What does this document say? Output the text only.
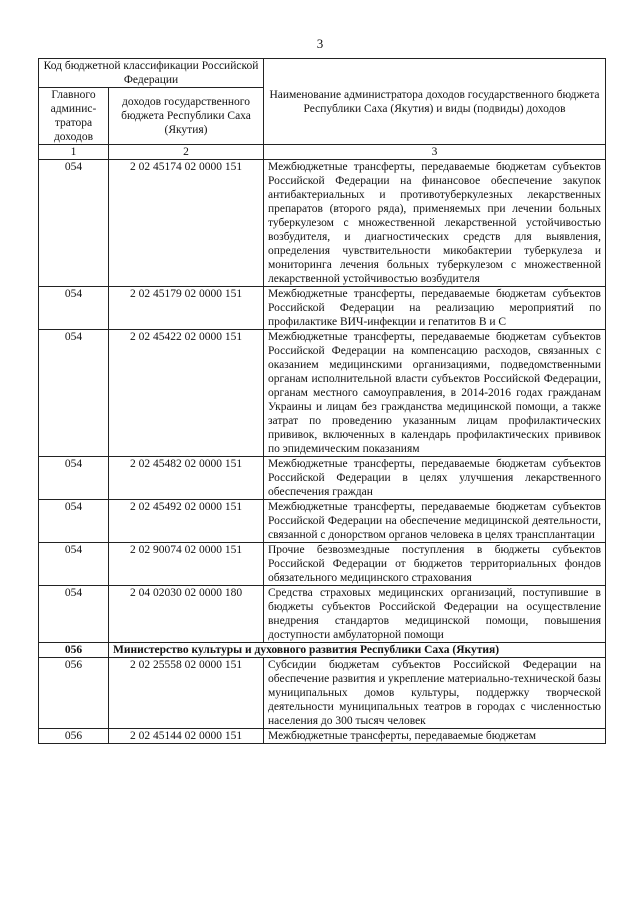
3
Код бюджетной классификации Российской Федерации		Наименование администратора доходов государственного бюджета Республики Саха (Якутия) и виды (подвиды) доходов
Главного админис-тратора доходов	доходов государственного бюджета Республики Саха (Якутия)	
1	2	3
054	2 02 45174 02 0000 151	Межбюджетные трансферты, передаваемые бюджетам субъектов Российской Федерации на финансовое обеспечение закупок антибактериальных и противотуберкулезных лекарственных препаратов (второго ряда), применяемых при лечении больных туберкулезом с множественной лекарственной устойчивостью возбудителя, и диагностических средств для выявления, определения чувствительности микобактерии туберкулеза и мониторинга лечения больных туберкулезом с множественной лекарственной устойчивостью возбудителя
054	2 02 45179 02 0000 151	Межбюджетные трансферты, передаваемые бюджетам субъектов Российской Федерации на реализацию мероприятий по профилактике ВИЧ-инфекции и гепатитов В и С
054	2 02 45422 02 0000 151	Межбюджетные трансферты, передаваемые бюджетам субъектов Российской Федерации на компенсацию расходов, связанных с оказанием медицинскими организациями, подведомственными органам исполнительной власти субъектов Российской Федерации, органам местного самоуправления, в 2014-2016 годах гражданам Украины и лицам без гражданства медицинской помощи, а также затрат по проведению указанным лицам профилактических прививок, включенных в календарь профилактических прививок по эпидемическим показаниям
054	2 02 45482 02 0000 151	Межбюджетные трансферты, передаваемые бюджетам субъектов Российской Федерации в целях улучшения лекарственного обеспечения граждан
054	2 02 45492 02 0000 151	Межбюджетные трансферты, передаваемые бюджетам субъектов Российской Федерации на обеспечение медицинской деятельности, связанной с донорством органов человека в целях трансплантации
054	2 02 90074 02 0000 151	Прочие безвозмездные поступления в бюджеты субъектов Российской Федерации от бюджетов территориальных фондов обязательного медицинского страхования
054	2 04 02030 02 0000 180	Средства страховых медицинских организаций, поступившие в бюджеты субъектов Российской Федерации на осуществление внедрения стандартов медицинской помощи, повышения доступности амбулаторной помощи
056	Министерство культуры и духовного развития Республики Саха (Якутия)	
056	2 02 25558 02 0000 151	Субсидии бюджетам субъектов Российской Федерации на обеспечение развития и укрепление материально-технической базы муниципальных домов культуры, поддержку творческой деятельности муниципальных театров в городах с численностью населения до 300 тысяч человек
056	2 02 45144 02 0000 151	Межбюджетные трансферты, передаваемые бюджетам
